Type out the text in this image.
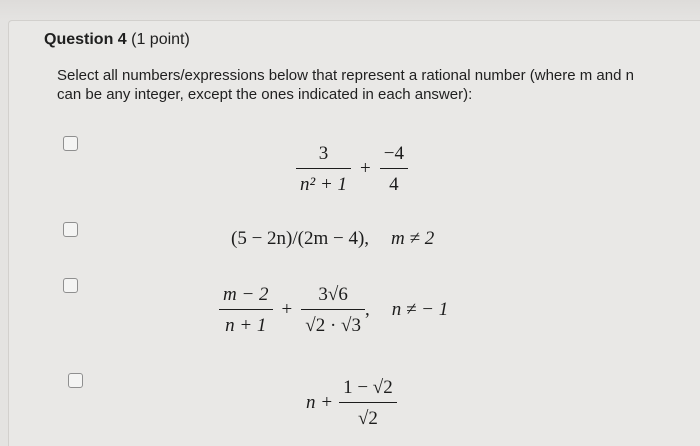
Question 4 (1 point)
Select all numbers/expressions below that represent a rational number (where m and n can be any integer, except the ones indicated in each answer):
$\frac{3}{\text{n² + 1}} + \frac{-4}{4}$
(5 − 2n)/(2m − 4), m ≠ 2
$\frac{m - 2}{n + 1} + \frac{3√6}{√2 \cdot √3}$ , n ≠ − 1
$n + \frac{1 - √2}{√2}$
